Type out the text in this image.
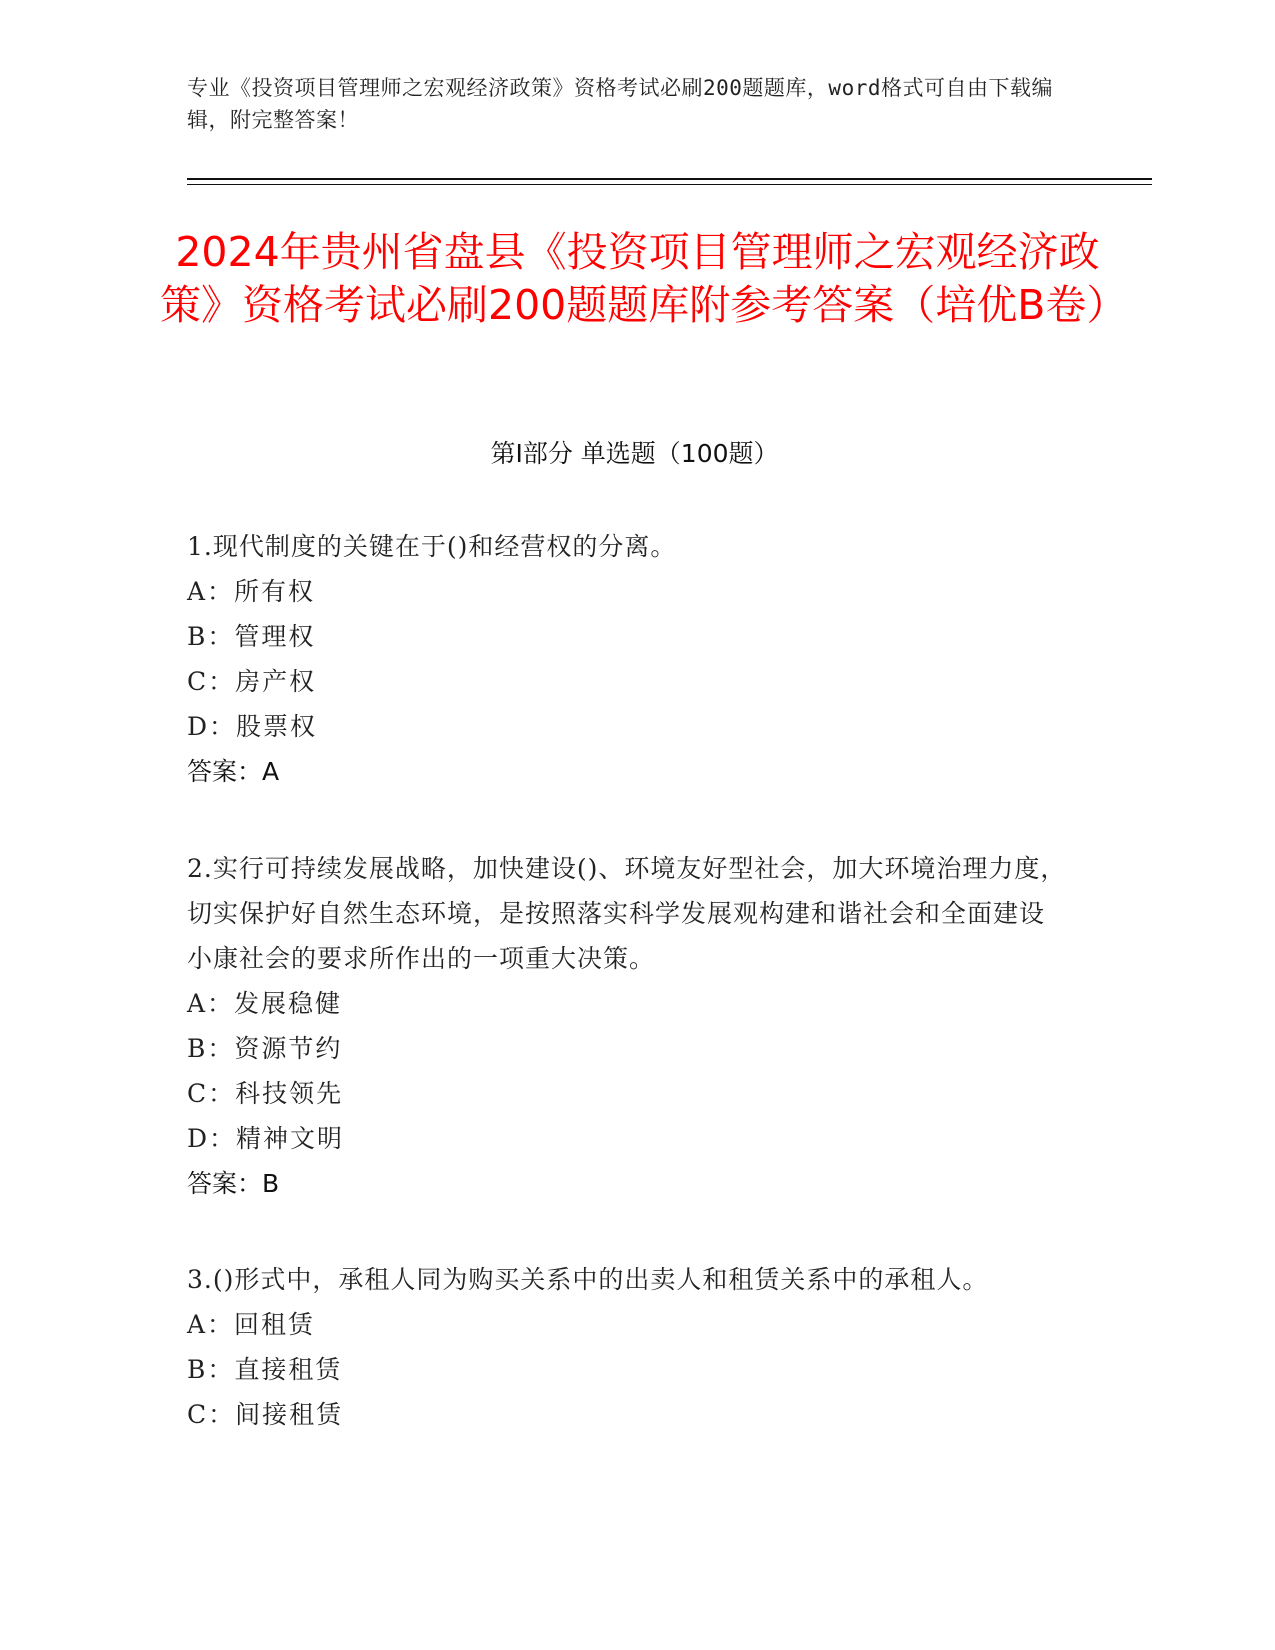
专业《投资项目管理师之宏观经济政策》资格考试必刷200题题库，word格式可自由下载编辑，附完整答案！
2024年贵州省盘县《投资项目管理师之宏观经济政策》资格考试必刷200题题库附参考答案（培优B卷）
第I部分 单选题（100题）
1.现代制度的关键在于()和经营权的分离。
A：所有权
B：管理权
C：房产权
D：股票权
答案：A
2.实行可持续发展战略，加快建设()、环境友好型社会，加大环境治理力度，切实保护好自然生态环境，是按照落实科学发展观构建和谐社会和全面建设小康社会的要求所作出的一项重大决策。
A：发展稳健
B：资源节约
C：科技领先
D：精神文明
答案：B
3.()形式中，承租人同为购买关系中的出卖人和租赁关系中的承租人。
A：回租赁
B：直接租赁
C：间接租赁
